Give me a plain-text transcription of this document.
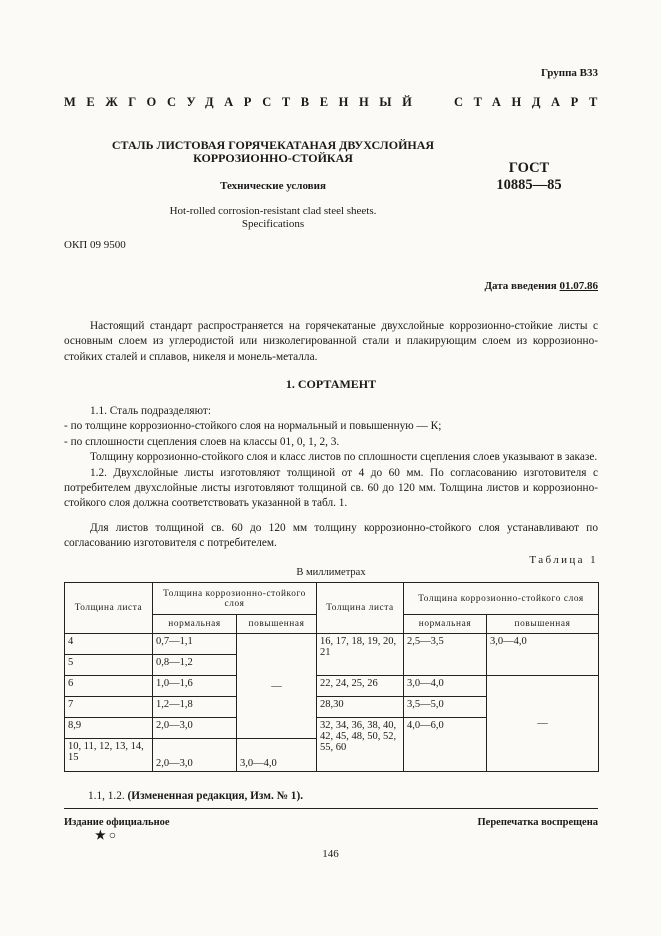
Группа В33
МЕЖГОСУДАРСТВЕННЫЙ	СТАНДАРТ
СТАЛЬ ЛИСТОВАЯ ГОРЯЧЕКАТАНАЯ ДВУХСЛОЙНАЯ
КОРРОЗИОННО-СТОЙКАЯ
Технические условия
Hot-rolled corrosion-resistant clad steel sheets.
Specifications
ГОСТ
10885—85
ОКП 09 9500
Дата введения 01.07.86
Настоящий стандарт распространяется на горячекатаные двухслойные коррозионно-стойкие листы с основным слоем из углеродистой или низколегированной стали и плакирующим слоем из коррозионно-стойких сталей и сплавов, никеля и монель-металла.
1. СОРТАМЕНТ
1.1. Сталь подразделяют:
- по толщине коррозионно-стойкого слоя на нормальный и повышенную — К;
- по сплошности сцепления слоев на классы 01, 0, 1, 2, 3.
Толщину коррозионно-стойкого слоя и класс листов по сплошности сцепления слоев указывают в заказе.
1.2. Двухслойные листы изготовляют толщиной от 4 до 60 мм. По согласованию изготовителя с потребителем двухслойные листы изготовляют толщиной св. 60 до 120 мм. Толщина листов и коррозионно-стойкого слоя должна соответствовать указанной в табл. 1.
Для листов толщиной св. 60 до 120 мм толщину коррозионно-стойкого слоя устанавливают по согласованию изготовителя с потребителем.
Таблица 1
В миллиметрах
Толщина листа	Толщина коррозионно-стойкого слоя		Толщина листа	Толщина коррозионно-стойкого слоя	
	нормальная	повышенная		нормальная	повышенная
4	0,7—1,1	—	16, 17, 18, 19, 20, 21	2,5—3,5	3,0—4,0
5	0,8—1,2				
6	1,0—1,6		22, 24, 25, 26	3,0—4,0	—
7	1,2—1,8		28,30	3,5—5,0	
8,9	2,0—3,0		32, 34, 36, 38, 40, 42, 45, 48, 50, 52, 55, 60	4,0—6,0	
10, 11, 12, 13, 14, 15	2,0—3,0	3,0—4,0			
1.1, 1.2. (Измененная редакция, Изм. № 1).
Издание официальное	Перепечатка воспрещена
★ ○
146
